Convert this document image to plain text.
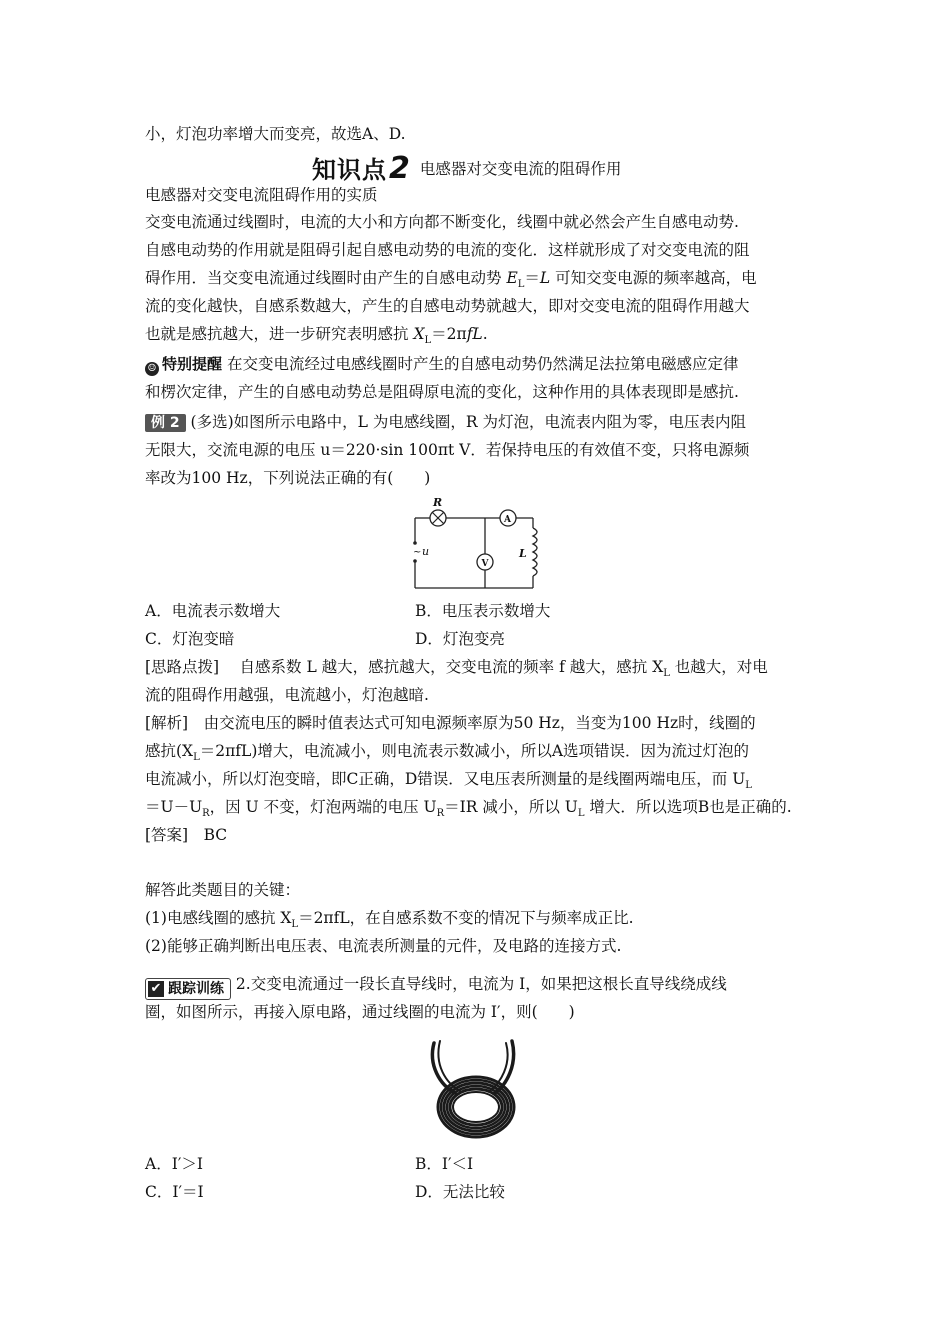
小，灯泡功率增大而变亮，故选A、D.
知识点2 电感器对交变电流的阻碍作用
电感器对交变电流阻碍作用的实质
交变电流通过线圈时，电流的大小和方向都不断变化，线圈中就必然会产生自感电动势.
自感电动势的作用就是阻碍引起自感电动势的电流的变化．这样就形成了对交变电流的阻
碍作用．当交变电流通过线圈时由产生的自感电动势 $E_L=L$ 可知交变电源的频率越高，电
流的变化越快，自感系数越大，产生的自感电动势就越大，即对交变电流的阻碍作用越大
也就是感抗越大，进一步研究表明感抗 $X_L=2\pi fL$.
☺ 特别提醒 在交变电流经过电感线圈时产生的自感电动势仍然满足法拉第电磁感应定律
和楞次定律，产生的自感电动势总是阻碍原电流的变化，这种作用的具体表现即是感抗.
例 2 (多选)如图所示电路中，L 为电感线圈，R 为灯泡，电流表内阻为零，电压表内阻
无限大，交流电源的电压 u＝220·sin 100πt V．若保持电压的有效值不变，只将电源频
率改为100 Hz，下列说法正确的有(　　)
R
A
V
L
~ u
A．电流表示数增大	B．电压表示数增大
C．灯泡变暗	D．灯泡变亮
[思路点拨]　 自感系数 L 越大，感抗越大，交变电流的频率 f 越大，感抗 $X_L$ 也越大，对电
流的阻碍作用越强，电流越小，灯泡越暗.
[解析]　由交流电压的瞬时值表达式可知电源频率原为50 Hz，当变为100 Hz时，线圈的
感抗$(X_L=2\pi fL)$增大，电流减小，则电流表示数减小，所以A选项错误．因为流过灯泡的
电流减小，所以灯泡变暗，即C正确，D错误．又电压表所测量的是线圈两端电压，而 $U_L$
$=U-U_R$，因 U 不变，灯泡两端的电压 $U_R=IR$ 减小，所以 $U_L$ 增大．所以选项B也是正确的.
[答案]　BC
解答此类题目的关键：
(1)电感线圈的感抗 $X_L=2\pi fL$，在自感系数不变的情况下与频率成正比.
(2)能够正确判断出电压表、电流表所测量的元件，及电路的连接方式.
✔ 跟踪训练 2.交变电流通过一段长直导线时，电流为 I，如果把这根长直导线绕成线
圈，如图所示，再接入原电路，通过线圈的电流为 I′，则(　　)
A．I′＞I	B．I′＜I
C．I′＝I	D．无法比较
